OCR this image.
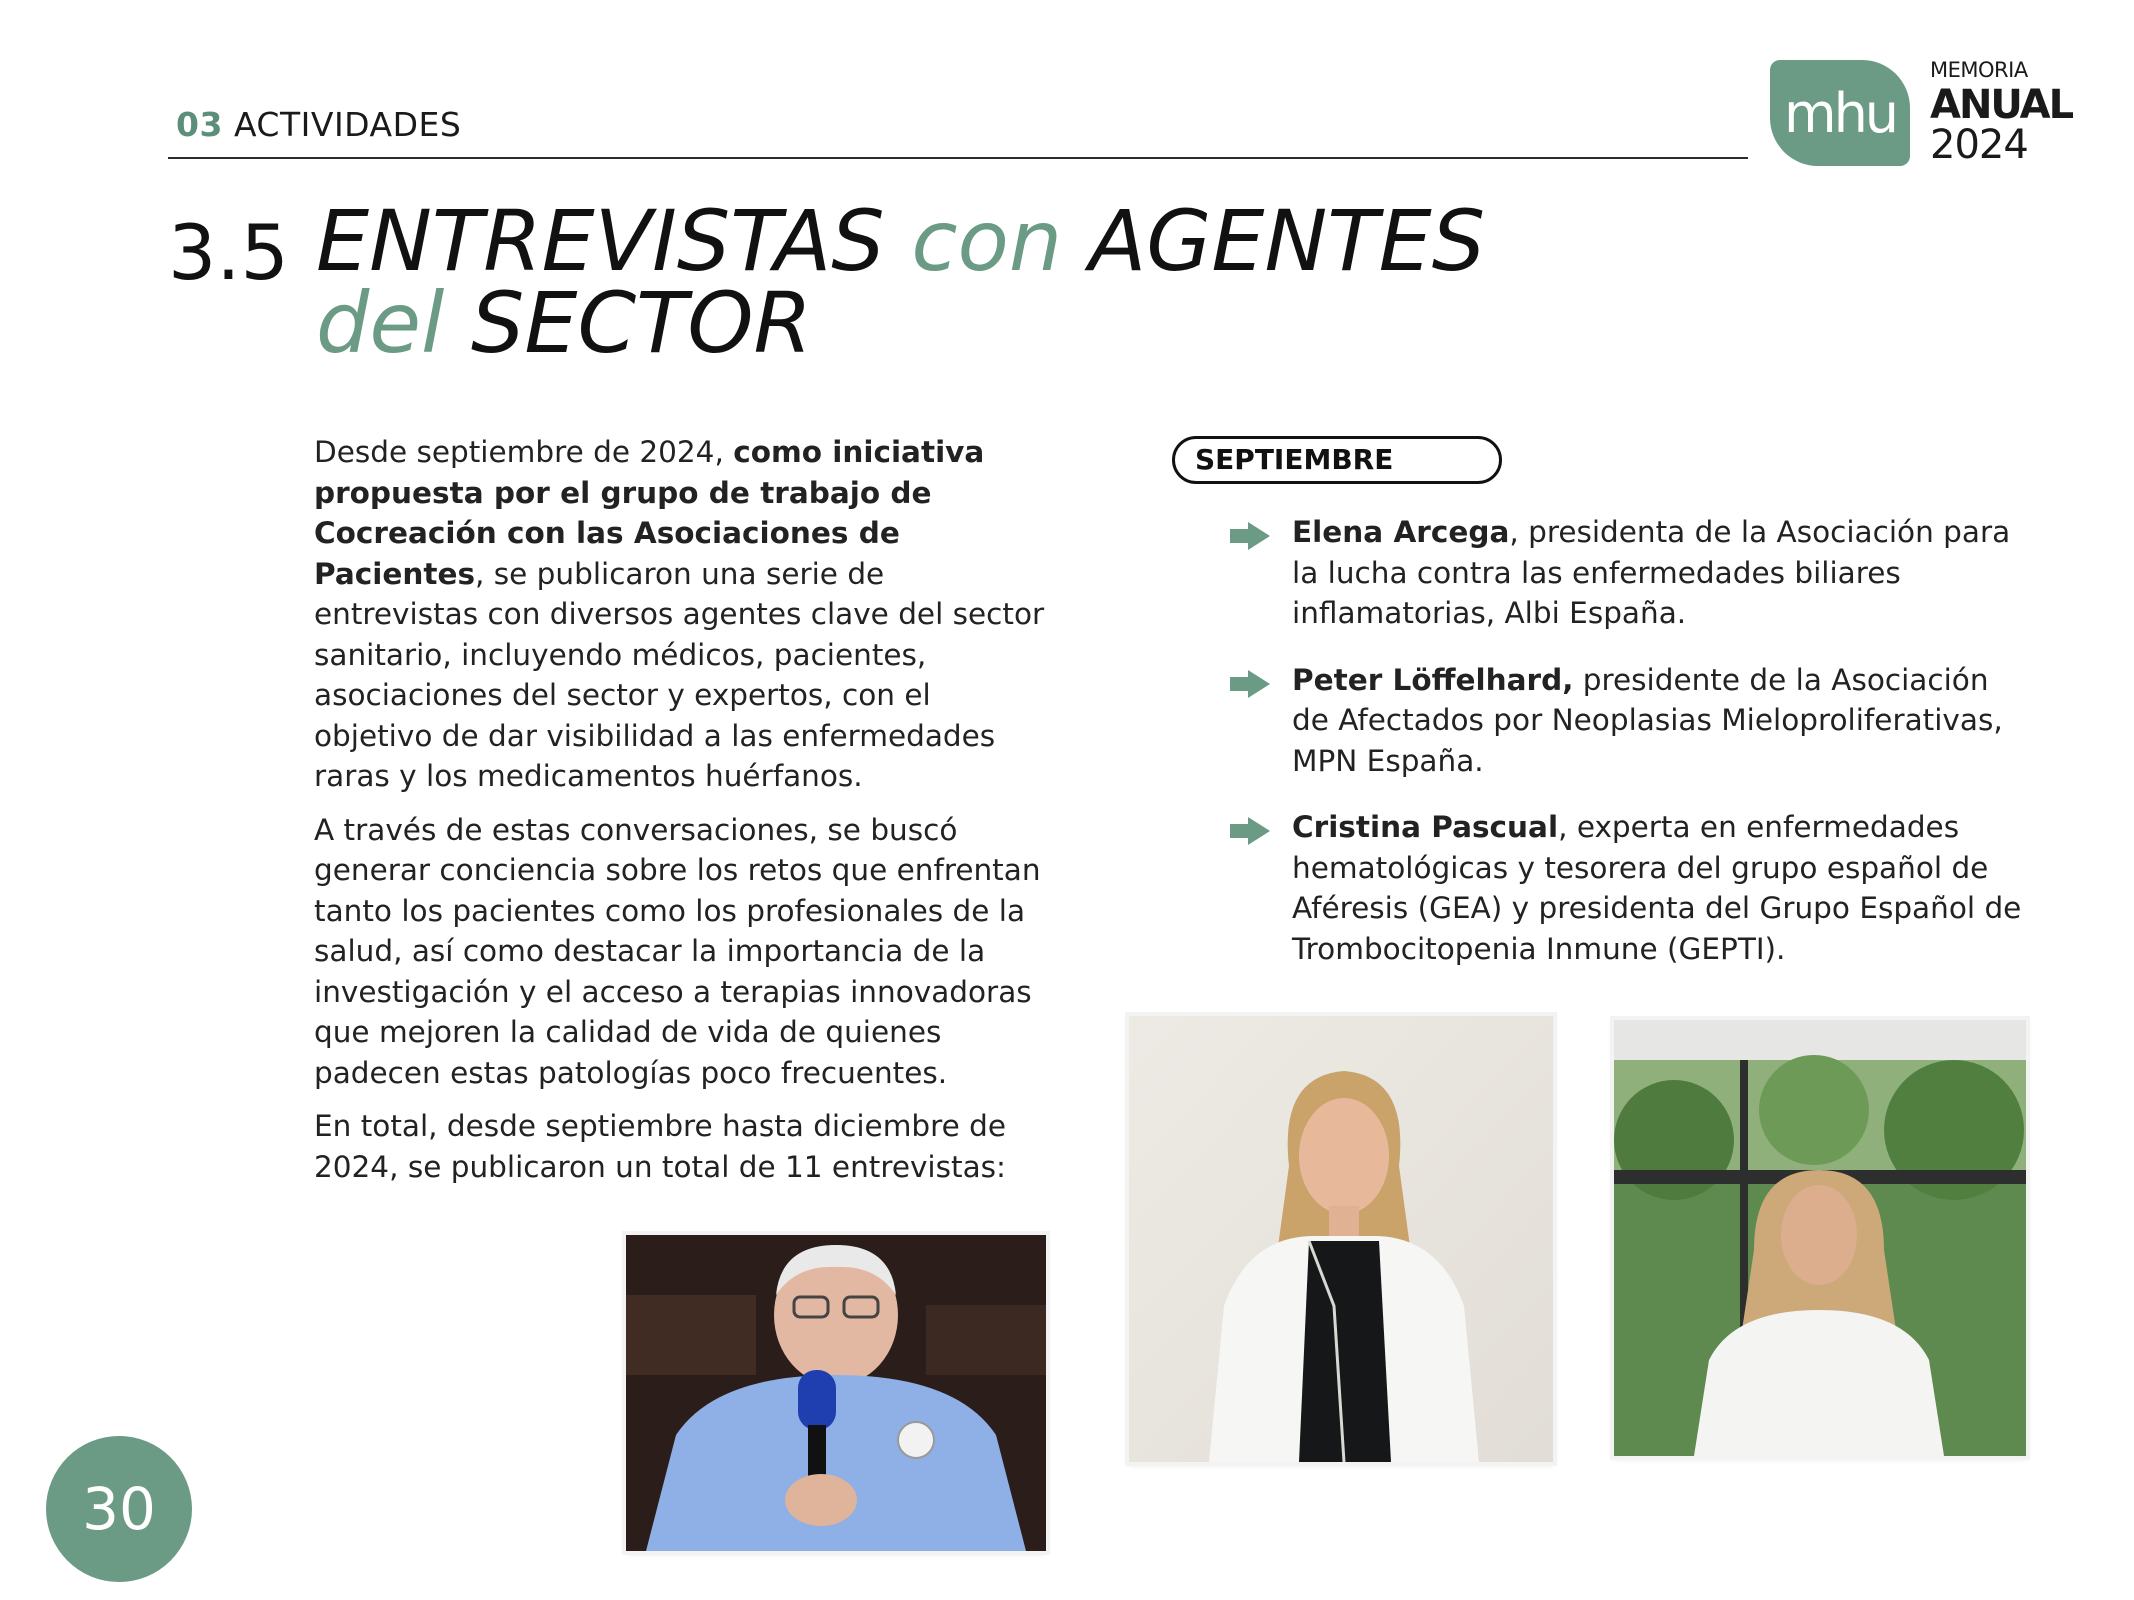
03 ACTIVIDADES	mhu
MEMORIA
ANUAL
2024
3.5 ENTREVISTAS con AGENTES
del SECTOR

Desde septiembre de 2024, como iniciativa propuesta por el grupo de trabajo de Cocreación con las Asociaciones de Pacientes, se publicaron una serie de entrevistas con diversos agentes clave del sector sanitario, incluyendo médicos, pacientes, asociaciones del sector y expertos, con el objetivo de dar visibilidad a las enfermedades raras y los medicamentos huérfanos.

A través de estas conversaciones, se buscó generar conciencia sobre los retos que enfrentan tanto los pacientes como los profesionales de la salud, así como destacar la importancia de la investigación y el acceso a terapias innovadoras que mejoren la calidad de vida de quienes padecen estas patologías poco frecuentes.

En total, desde septiembre hasta diciembre de 2024, se publicaron un total de 11 entrevistas:

SEPTIEMBRE
Elena Arcega, presidenta de la Asociación para la lucha contra las enfermedades biliares inflamatorias, Albi España.
Peter Löffelhard, presidente de la Asociación de Afectados por Neoplasias Mieloproliferativas, MPN España.
Cristina Pascual, experta en enfermedades hematológicas y tesorera del grupo español de Aféresis (GEA) y presidenta del Grupo Español de Trombocitopenia Inmune (GEPTI).
30
